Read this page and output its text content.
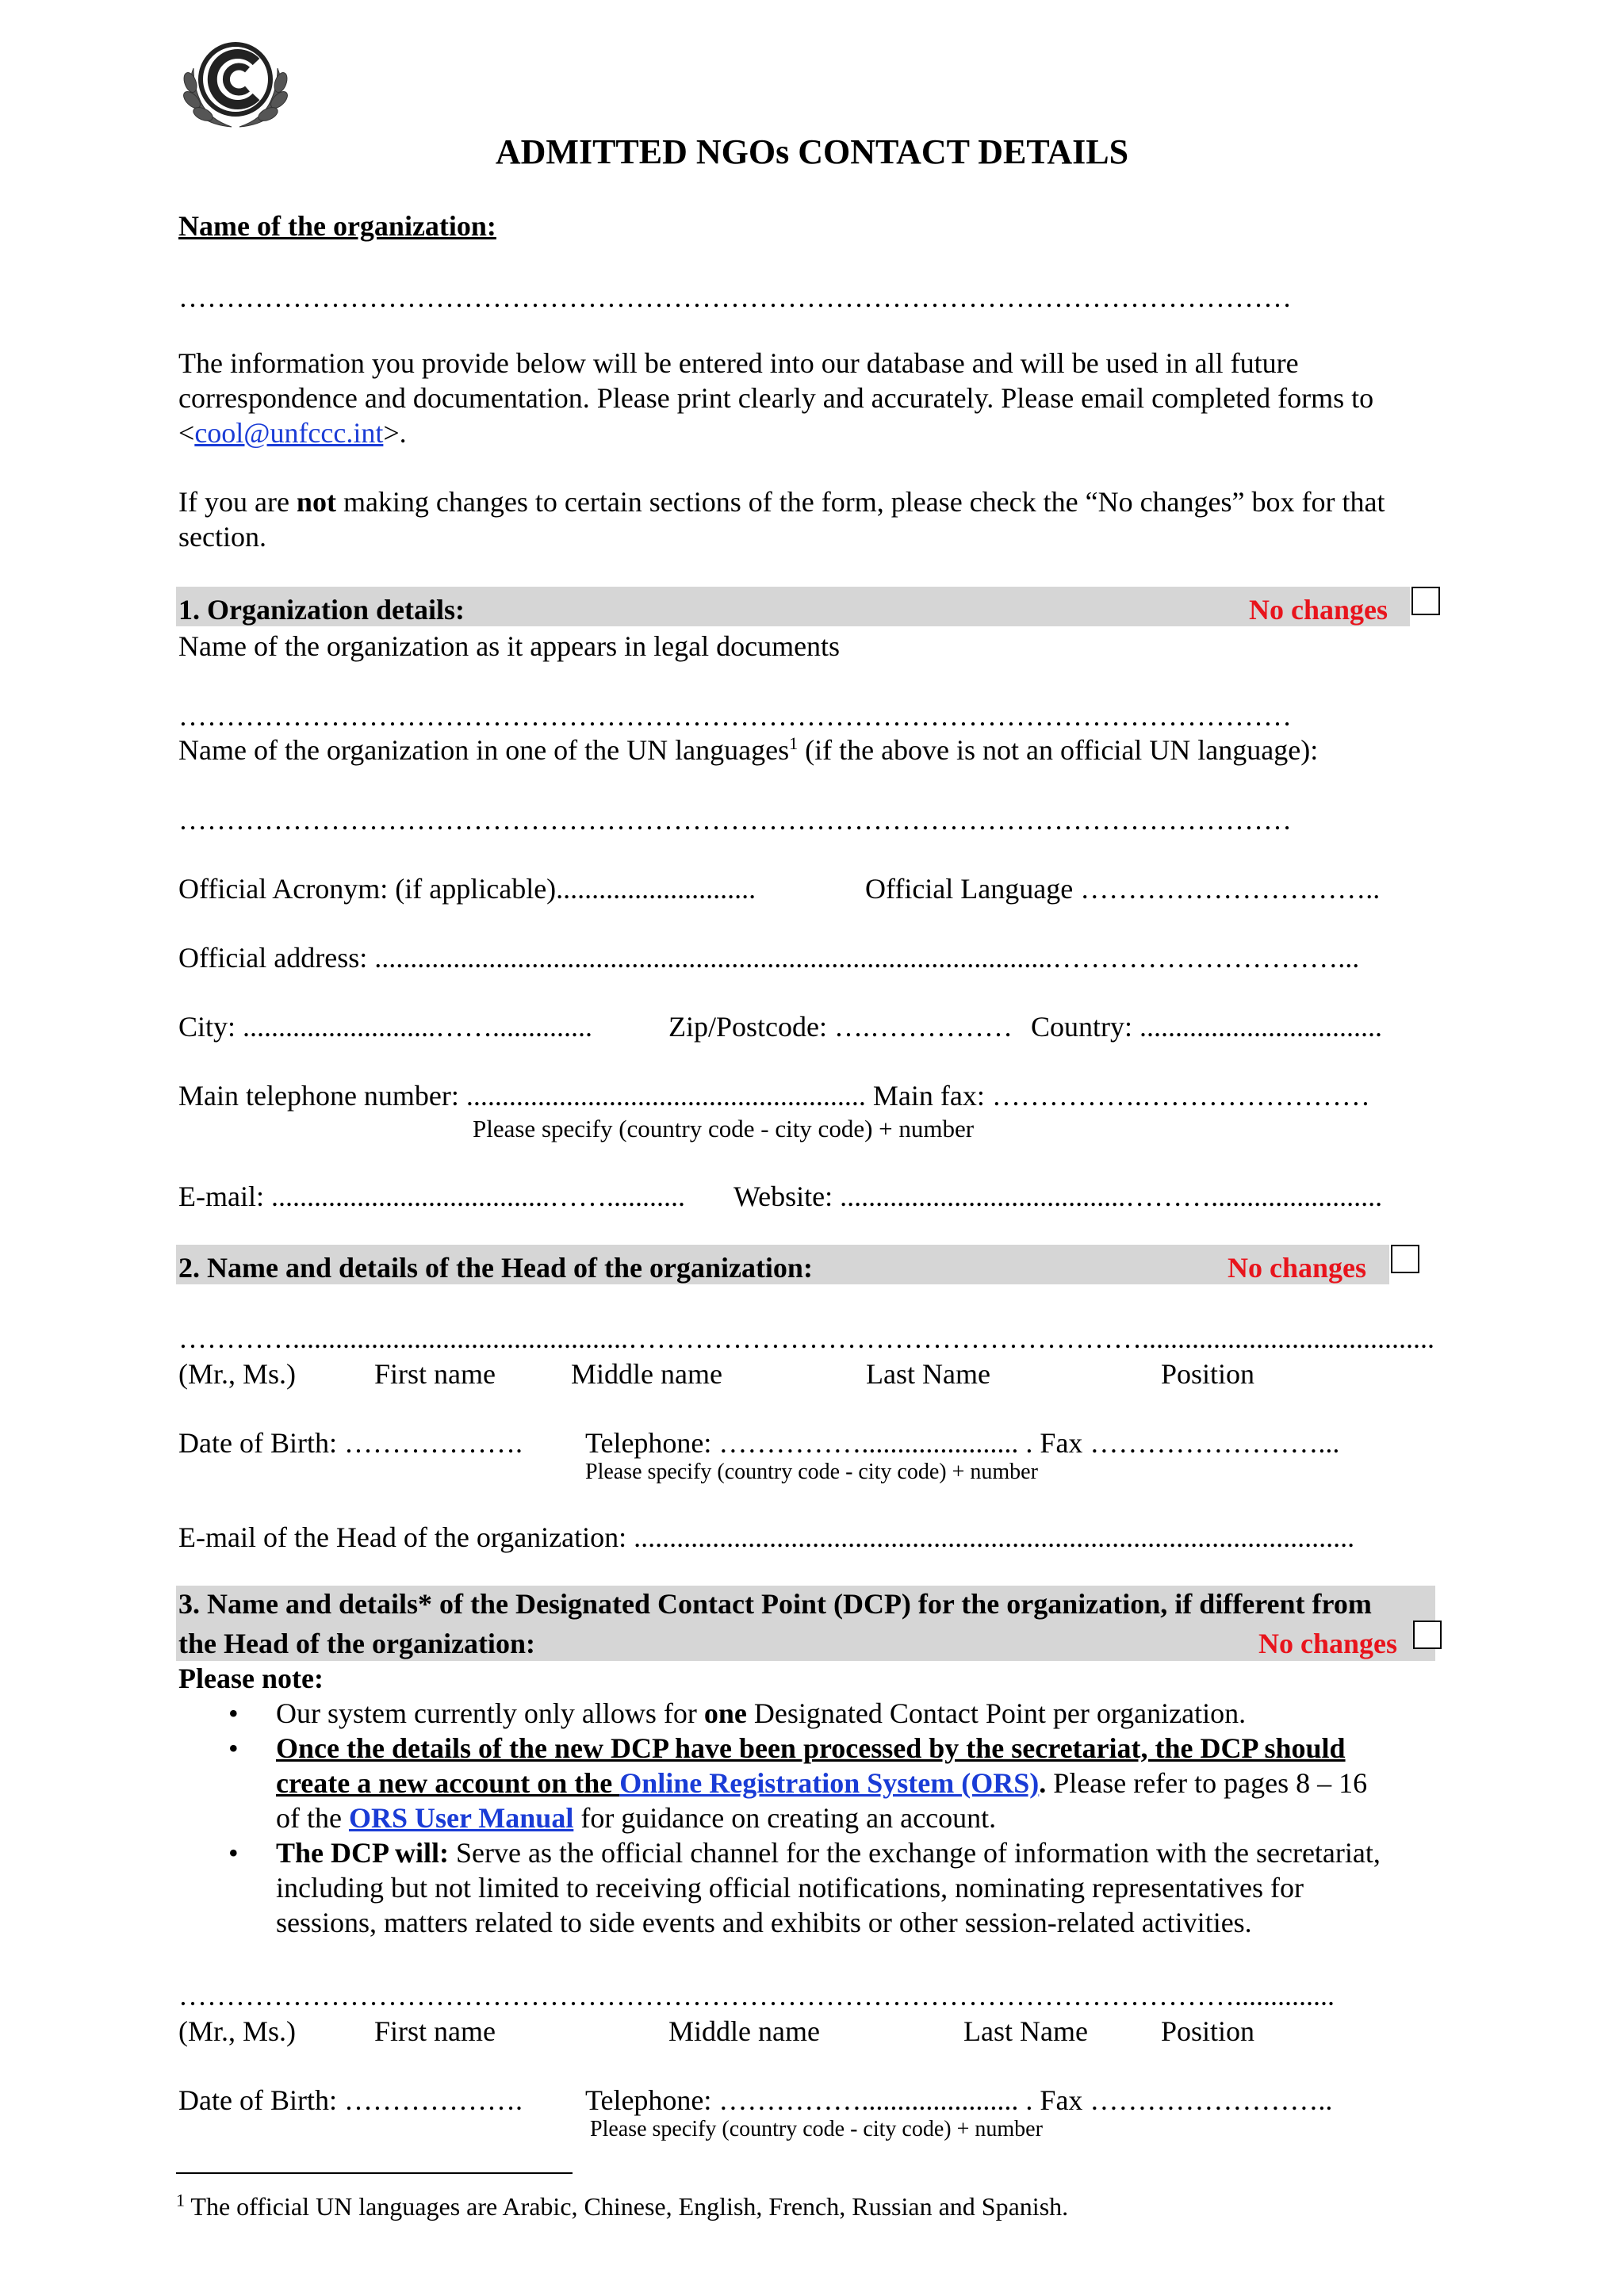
ADMITTED NGOs CONTACT DETAILS
Name of the organization:
………………………………………………………………………………………………………
The information you provide below will be entered into our database and will be used in all future
correspondence and documentation. Please print clearly and accurately. Please email completed forms to
<cool@unfccc.int>.
If you are not making changes to certain sections of the form, please check the “No changes” box for that
section.
1. Organization details:	No changes
Name of the organization as it appears in legal documents
………………………………………………………………………………………………………
Name of the organization in one of the UN languages$^1$ (if the above is not an official UN language):
………………………………………………………………………………………………………
Official Acronym: (if applicable)............................	Official Language …………………………..
Official address: ...............................................................................................…………………………...
City: ...........................……..............	Zip/Postcode: ….…………… Country: ..................................
Main telephone number: ........................................................ Main fax: …………….……………………
Please specify (country code - city code) + number
E-mail: .......................................……........... Website: ........................................………........................
2. Name and details of the Head of the organization:	No changes
…………...............................................……………………………………………….........................................
(Mr., Ms.)	First name	Middle name	Last Name	Position
Date of Birth: ………………. Telephone: ……………...................... . Fax ……………………...
Please specify (country code - city code) + number
E-mail of the Head of the organization: .....................................................................................................
3. Name and details* of the Designated Contact Point (DCP) for the organization, if different from
the Head of the organization:	No changes
Please note:
• Our system currently only allows for one Designated Contact Point per organization.
• Once the details of the new DCP have been processed by the secretariat, the DCP should
create a new account on the Online Registration System (ORS). Please refer to pages 8 – 16
of the ORS User Manual for guidance on creating an account.
• The DCP will: Serve as the official channel for the exchange of information with the secretariat,
including but not limited to receiving official notifications, nominating representatives for
sessions, matters related to side events and exhibits or other session-related activities.
…………………………………………………………………………………………………..............
(Mr., Ms.)	First name	Middle name	Last Name	Position
Date of Birth: ………………. Telephone: ……………...................... . Fax ……………………..
Please specify (country code - city code) + number
$^1$ The official UN languages are Arabic, Chinese, English, French, Russian and Spanish.
